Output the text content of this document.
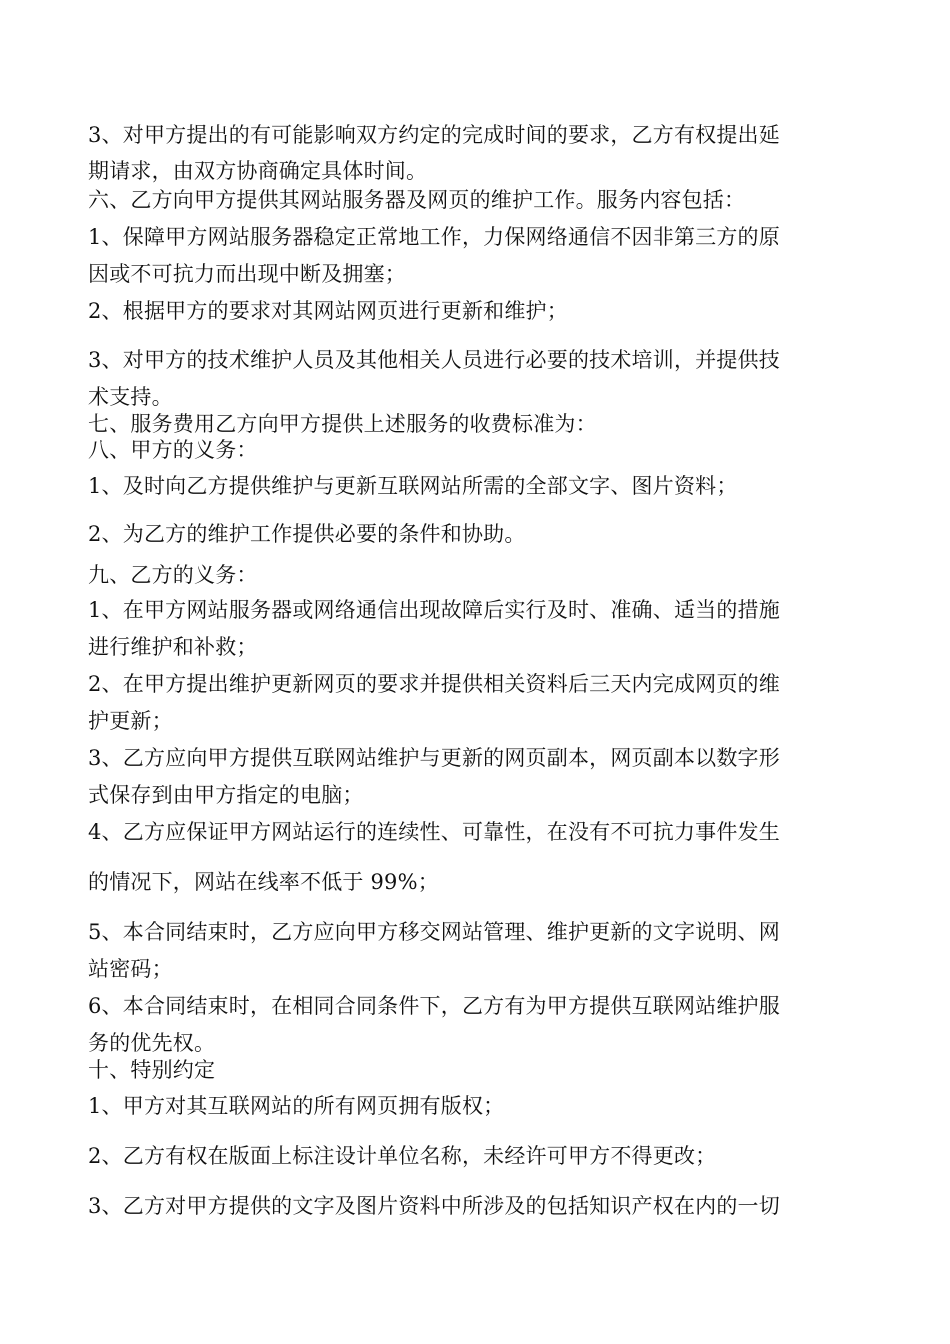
3、对甲方提出的有可能影响双方约定的完成时间的要求，乙方有权提出延
期请求，由双方协商确定具体时间。
六、乙方向甲方提供其网站服务器及网页的维护工作。服务内容包括：
1、保障甲方网站服务器稳定正常地工作，力保网络通信不因非第三方的原
因或不可抗力而出现中断及拥塞；
2、根据甲方的要求对其网站网页进行更新和维护；
3、对甲方的技术维护人员及其他相关人员进行必要的技术培训，并提供技
术支持。
七、服务费用乙方向甲方提供上述服务的收费标准为：
八、甲方的义务：
1、及时向乙方提供维护与更新互联网站所需的全部文字、图片资料；
2、为乙方的维护工作提供必要的条件和协助。
九、乙方的义务：
1、在甲方网站服务器或网络通信出现故障后实行及时、准确、适当的措施
进行维护和补救；
2、在甲方提出维护更新网页的要求并提供相关资料后三天内完成网页的维
护更新；
3、乙方应向甲方提供互联网站维护与更新的网页副本，网页副本以数字形
式保存到由甲方指定的电脑；
4、乙方应保证甲方网站运行的连续性、可靠性，在没有不可抗力事件发生
的情况下，网站在线率不低于 99%；
5、本合同结束时，乙方应向甲方移交网站管理、维护更新的文字说明、网
站密码；
6、本合同结束时，在相同合同条件下，乙方有为甲方提供互联网站维护服
务的优先权。
十、特别约定
1、甲方对其互联网站的所有网页拥有版权；
2、乙方有权在版面上标注设计单位名称，未经许可甲方不得更改；
3、乙方对甲方提供的文字及图片资料中所涉及的包括知识产权在内的一切
